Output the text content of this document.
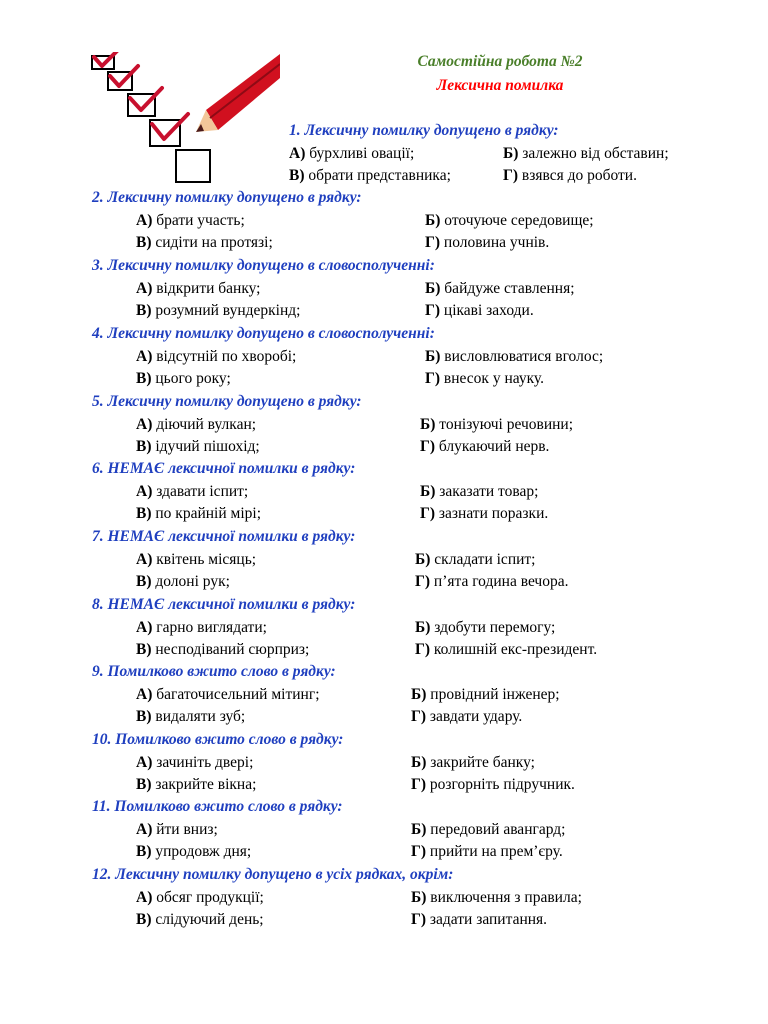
Самостійна робота №2
Лексична помилка
1. Лексичну помилку допущено в рядку:
А) бурхливі овації;	Б) залежно від обставин;
В) обрати представника;	Г) взявся до роботи.
2. Лексичну помилку допущено в рядку:
А) брати участь;	Б) оточуюче середовище;
В) сидіти на протязі;	Г) половина учнів.
3. Лексичну помилку допущено в словосполученні:
А) відкрити банку;	Б) байдуже ставлення;
В) розумний вундеркінд;	Г) цікаві заходи.
4. Лексичну помилку допущено в словосполученні:
А) відсутній по хворобі;	Б) висловлюватися вголос;
В) цього року;	Г) внесок у науку.
5. Лексичну помилку допущено в рядку:
А) діючий вулкан;	Б) тонізуючі речовини;
В) ідучий пішохід;	Г) блукаючий нерв.
6. НЕМАЄ лексичної помилки в рядку:
А) здавати іспит;	Б) заказати товар;
В) по крайній мірі;	Г) зазнати поразки.
7. НЕМАЄ лексичної помилки в рядку:
А) квітень місяць;	Б) складати іспит;
В) долоні рук;	Г) п’ята година вечора.
8. НЕМАЄ лексичної помилки в рядку:
А) гарно виглядати;	Б) здобути перемогу;
В) несподіваний сюрприз;	Г) колишній екс-президент.
9. Помилково вжито слово в рядку:
А) багаточисельний мітинг;	Б) провідний інженер;
В) видаляти зуб;	Г) завдати удару.
10. Помилково вжито слово в рядку:
А) зачиніть двері;	Б) закрийте банку;
В) закрийте вікна;	Г) розгорніть підручник.
11. Помилково вжито слово в рядку:
А) йти вниз;	Б) передовий авангард;
В) упродовж дня;	Г) прийти на прем’єру.
12. Лексичну помилку допущено в усіх рядках, окрім:
А) обсяг продукції;	Б) виключення з правила;
В) слідуючий день;	Г) задати запитання.
